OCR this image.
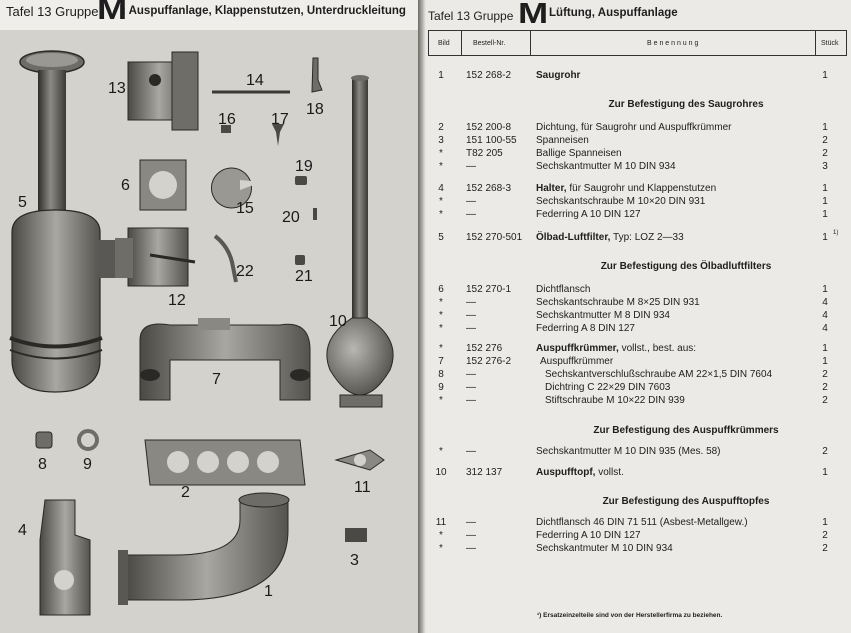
Tafel 13 Gruppe
M
: Auspuffanlage, Klappenstutzen, Unterdruckleitung
1
2
3
4
5
6
7
8 9
10
11
12
13	14
15
16 17
18
19
20
21
22
Tafel 13 Gruppe M
: Lüftung, Auspuffanlage
Bild	Bestell-Nr.	B e n e n n u n g	Stück
1	152 268-2 Saugrohr	1
Zur Befestigung des Saugrohres
2	152 200-8 Dichtung, für Saugrohr und Auspuffkrümmer	1
3	151 100-55 Spanneisen	2
*	T82 205	Ballige Spanneisen	2
*	—	Sechskantmutter M 10 DIN 934	3
4	152 268-3 Halter, für Saugrohr und Klappenstutzen	1
*	—	Sechskantschraube M 10×20 DIN 931	1
*	—	Federring A 10 DIN 127	1
5	152 270-501 Ölbad-Luftfilter, Typ: LOZ 2—33	1 1)
Zur Befestigung des Ölbadluftfilters
6	152 270-1 Dichtflansch	1
*	—	Sechskantschraube M 8×25 DIN 931	4
*	—	Sechskantmutter M 8 DIN 934	4
*	—	Federring A 8 DIN 127	4
*	152 276	Auspuffkrümmer, vollst., best. aus:	1
7	152 276-2	Auspuffkrümmer	1
8	—	Sechskantverschlußschraube AM 22×1,5 DIN 7604	2
9	—	Dichtring C 22×29 DIN 7603	2
*	—	Stiftschraube M 10×22 DIN 939	2
Zur Befestigung des Auspuffkrümmers
*	—	Sechskantmutter M 10 DIN 935 (Mes. 58)	2
10	312 137	Auspufftopf, vollst.	1
Zur Befestigung des Auspufftopfes
11	—	Dichtflansch 46 DIN 71 511 (Asbest-Metallgew.)	1
*	—	Federring A 10 DIN 127	2
*	—	Sechskantmuter M 10 DIN 934	2
¹) Ersatzeinzelteile sind von der Herstellerfirma zu beziehen.
